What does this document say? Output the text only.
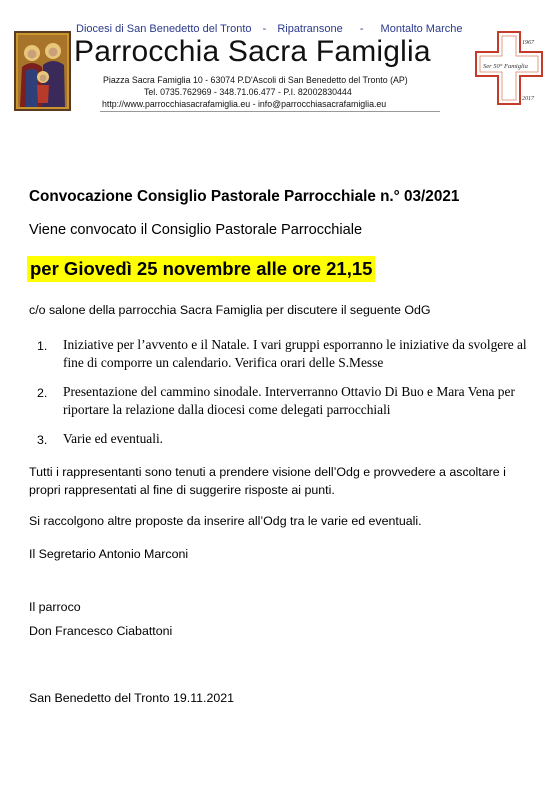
Diocesi di San Benedetto del Tronto - Ripatransone - Montalto Marche
Parrocchia Sacra Famiglia
Piazza Sacra Famiglia 10 - 63074 P.D'Ascoli di San Benedetto del Tronto (AP)
Tel. 0735.762969 - 348.71.06.477 - P.I. 82002830444
http://www.parrocchiasacrafamiglia.eu - info@parrocchiasacrafamiglia.eu
1967
Ser 50° Famiglia
2017
Convocazione Consiglio Pastorale Parrocchiale n.° 03/2021
Viene convocato il Consiglio Pastorale Parrocchiale
per Giovedì 25 novembre alle ore 21,15
c/o salone della parrocchia Sacra Famiglia per discutere il seguente OdG
1. Iniziative per l’avvento e il Natale. I vari gruppi esporranno le iniziative da svolgere al fine di comporre un calendario. Verifica orari delle S.Messe
2. Presentazione del cammino sinodale. Interverranno Ottavio Di Buo e Mara Vena per riportare la relazione dalla diocesi come delegati parrocchiali
3. Varie ed eventuali.
Tutti i rappresentanti sono tenuti a prendere visione dell’Odg e provvedere a ascoltare i propri rappresentati al fine di suggerire risposte ai punti.
Si raccolgono altre proposte da inserire all’Odg tra le varie ed eventuali.
Il Segretario Antonio Marconi
Il parroco
Don Francesco Ciabattoni
San Benedetto del Tronto 19.11.2021
